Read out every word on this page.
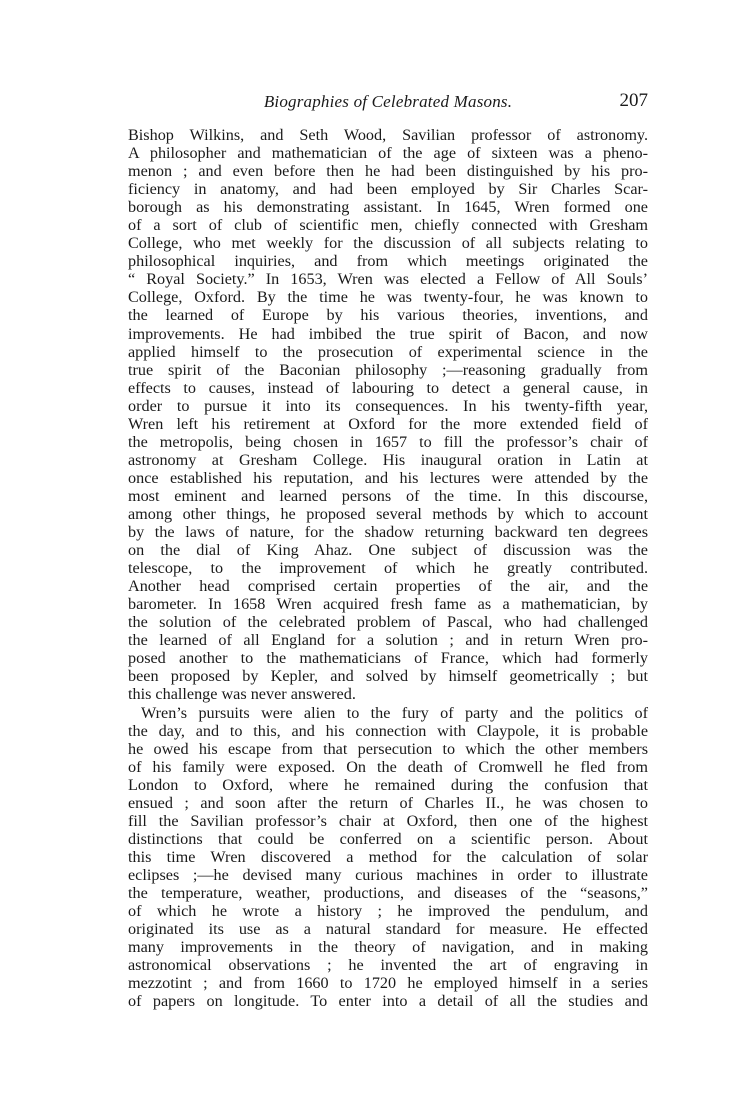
Biographies of Celebrated Masons.	207
Bishop Wilkins, and Seth Wood, Savilian professor of astronomy.
A philosopher and mathematician of the age of sixteen was a pheno-
menon ; and even before then he had been distinguished by his pro-
ficiency in anatomy, and had been employed by Sir Charles Scar-
borough as his demonstrating assistant. In 1645, Wren formed one
of a sort of club of scientific men, chiefly connected with Gresham
College, who met weekly for the discussion of all subjects relating to
philosophical inquiries, and from which meetings originated the
“ Royal Society.” In 1653, Wren was elected a Fellow of All Souls’
College, Oxford. By the time he was twenty-four, he was known to
the learned of Europe by his various theories, inventions, and
improvements. He had imbibed the true spirit of Bacon, and now
applied himself to the prosecution of experimental science in the
true spirit of the Baconian philosophy ;—reasoning gradually from
effects to causes, instead of labouring to detect a general cause, in
order to pursue it into its consequences. In his twenty-fifth year,
Wren left his retirement at Oxford for the more extended field of
the metropolis, being chosen in 1657 to fill the professor’s chair of
astronomy at Gresham College. His inaugural oration in Latin at
once established his reputation, and his lectures were attended by the
most eminent and learned persons of the time. In this discourse,
among other things, he proposed several methods by which to account
by the laws of nature, for the shadow returning backward ten degrees
on the dial of King Ahaz. One subject of discussion was the
telescope, to the improvement of which he greatly contributed.
Another head comprised certain properties of the air, and the
barometer. In 1658 Wren acquired fresh fame as a mathematician, by
the solution of the celebrated problem of Pascal, who had challenged
the learned of all England for a solution ; and in return Wren pro-
posed another to the mathematicians of France, which had formerly
been proposed by Kepler, and solved by himself geometrically ; but
this challenge was never answered.
Wren’s pursuits were alien to the fury of party and the politics of
the day, and to this, and his connection with Claypole, it is probable
he owed his escape from that persecution to which the other members
of his family were exposed. On the death of Cromwell he fled from
London to Oxford, where he remained during the confusion that
ensued ; and soon after the return of Charles II., he was chosen to
fill the Savilian professor’s chair at Oxford, then one of the highest
distinctions that could be conferred on a scientific person. About
this time Wren discovered a method for the calculation of solar
eclipses ;—he devised many curious machines in order to illustrate
the temperature, weather, productions, and diseases of the “seasons,”
of which he wrote a history ; he improved the pendulum, and
originated its use as a natural standard for measure. He effected
many improvements in the theory of navigation, and in making
astronomical observations ; he invented the art of engraving in
mezzotint ; and from 1660 to 1720 he employed himself in a series
of papers on longitude. To enter into a detail of all the studies and
